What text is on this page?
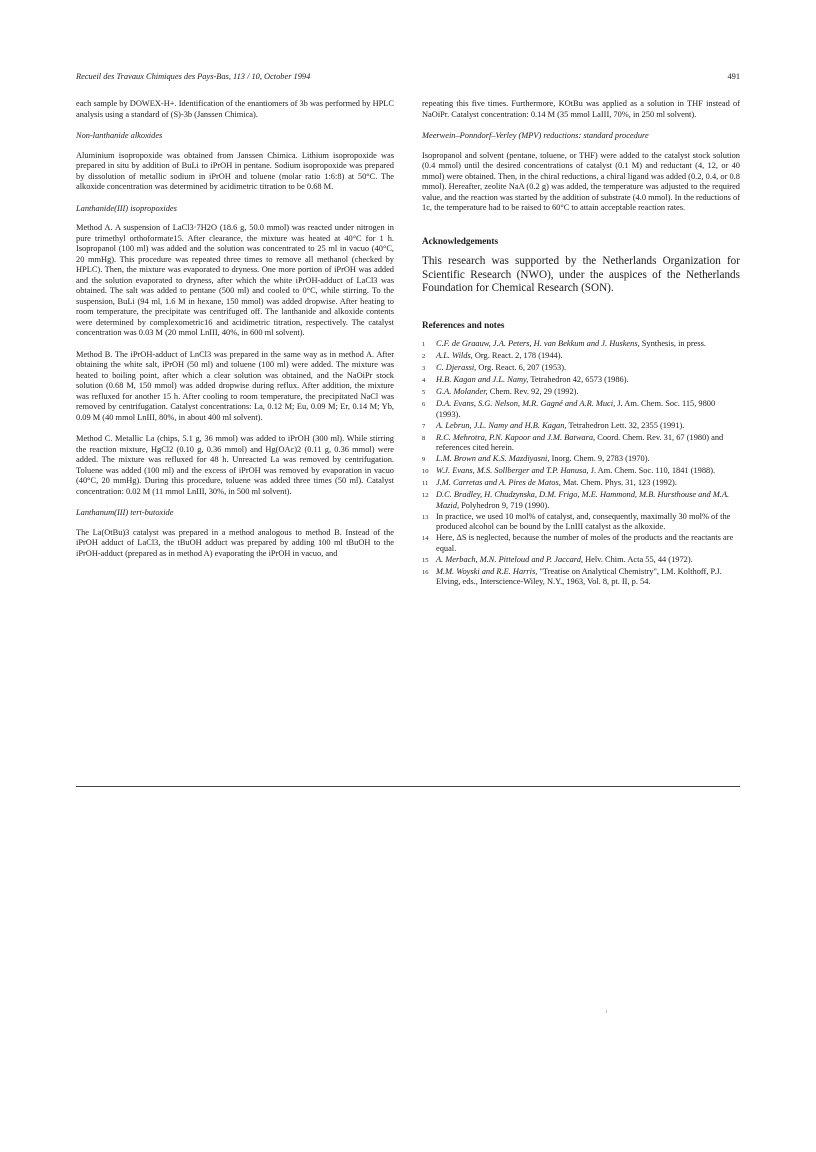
Recueil des Travaux Chimiques des Pays-Bas, 113 / 10, October 1994	491

each sample by DOWEX-H+. Identification of the enantiomers of 3b was performed by HPLC analysis using a standard of (S)-3b (Janssen Chimica).

Non-lanthanide alkoxides

Aluminium isopropoxide was obtained from Janssen Chimica. Lithium isopropoxide was prepared in situ by addition of BuLi to iPrOH in pentane. Sodium isopropoxide was prepared by dissolution of metallic sodium in iPrOH and toluene (molar ratio 1:6:8) at 50°C. The alkoxide concentration was determined by acidimetric titration to be 0.68 M.

Lanthanide(III) isopropoxides

Method A. A suspension of LaCl3·7H2O (18.6 g, 50.0 mmol) was reacted under nitrogen in pure trimethyl orthoformate15. After clearance, the mixture was heated at 40°C for 1 h. Isopropanol (100 ml) was added and the solution was concentrated to 25 ml in vacuo (40°C, 20 mmHg). This procedure was repeated three times to remove all methanol (checked by HPLC). Then, the mixture was evaporated to dryness. One more portion of iPrOH was added and the solution evaporated to dryness, after which the white iPrOH-adduct of LaCl3 was obtained. The salt was added to pentane (500 ml) and cooled to 0°C, while stirring. To the suspension, BuLi (94 ml, 1.6 M in hexane, 150 mmol) was added dropwise. After heating to room temperature, the precipitate was centrifuged off. The lanthanide and alkoxide contents were determined by complexometric16 and acidimetric titration, respectively. The catalyst concentration was 0.03 M (20 mmol LnIII, 40%, in 600 ml solvent).

Method B. The iPrOH-adduct of LnCl3 was prepared in the same way as in method A. After obtaining the white salt, iPrOH (50 ml) and toluene (100 ml) were added. The mixture was heated to boiling point, after which a clear solution was obtained, and the NaOiPr stock solution (0.68 M, 150 mmol) was added dropwise during reflux. After addition, the mixture was refluxed for another 15 h. After cooling to room temperature, the precipitated NaCl was removed by centrifugation. Catalyst concentrations: La, 0.12 M; Eu, 0.09 M; Er, 0.14 M; Yb, 0.09 M (40 mmol LnIII, 80%, in about 400 ml solvent).

Method C. Metallic La (chips, 5.1 g, 36 mmol) was added to iPrOH (300 ml). While stirring the reaction mixture, HgCl2 (0.10 g, 0.36 mmol) and Hg(OAc)2 (0.11 g, 0.36 mmol) were added. The mixture was refluxed for 48 h. Unreacted La was removed by centrifugation. Toluene was added (100 ml) and the excess of iPrOH was removed by evaporation in vacuo (40°C, 20 mmHg). During this procedure, toluene was added three times (50 ml). Catalyst concentration: 0.02 M (11 mmol LnIII, 30%, in 500 ml solvent).

Lanthanum(III) tert-butoxide

The La(OtBu)3 catalyst was prepared in a method analogous to method B. Instead of the iPrOH adduct of LaCl3, the tBuOH adduct was prepared by adding 100 ml tBuOH to the iPrOH-adduct (prepared as in method A) evaporating the iPrOH in vacuo, and

repeating this five times. Furthermore, KOtBu was applied as a solution in THF instead of NaOiPr. Catalyst concentration: 0.14 M (35 mmol LaIII, 70%, in 250 ml solvent).

Meerwein–Ponndorf–Verley (MPV) reductions: standard procedure

Isopropanol and solvent (pentane, toluene, or THF) were added to the catalyst stock solution (0.4 mmol) until the desired concentrations of catalyst (0.1 M) and reductant (4, 12, or 40 mmol) were obtained. Then, in the chiral reductions, a chiral ligand was added (0.2, 0.4, or 0.8 mmol). Hereafter, zeolite NaA (0.2 g) was added, the temperature was adjusted to the required value, and the reaction was started by the addition of substrate (4.0 mmol). In the reductions of 1c, the temperature had to be raised to 60°C to attain acceptable reaction rates.

Acknowledgements

This research was supported by the Netherlands Organization for Scientific Research (NWO), under the auspices of the Netherlands Foundation for Chemical Research (SON).

References and notes
1	C.F. de Graauw, J.A. Peters, H. van Bekkum and J. Huskens, Synthesis, in press.
2	A.L. Wilds, Org. React. 2, 178 (1944).
3	C. Djerassi, Org. React. 6, 207 (1953).
4	H.B. Kagan and J.L. Namy, Tetrahedron 42, 6573 (1986).
5	G.A. Molander, Chem. Rev. 92, 29 (1992).
6	D.A. Evans, S.G. Nelson, M.R. Gagné and A.R. Muci, J. Am. Chem. Soc. 115, 9800 (1993).
7	A. Lebrun, J.L. Namy and H.B. Kagan, Tetrahedron Lett. 32, 2355 (1991).
8	R.C. Mehrotra, P.N. Kapoor and J.M. Batwara, Coord. Chem. Rev. 31, 67 (1980) and references cited herein.
9	L.M. Brown and K.S. Mazdiyasni, Inorg. Chem. 9, 2783 (1970).
10 W.J. Evans, M.S. Sollberger and T.P. Hanusa, J. Am. Chem. Soc. 110, 1841 (1988).
11 J.M. Carretas and A. Pires de Matos, Mat. Chem. Phys. 31, 123 (1992).
12 D.C. Bradley, H. Chudzynska, D.M. Frigo, M.E. Hammond, M.B. Hursthouse and M.A. Mazid, Polyhedron 9, 719 (1990).
13 In practice, we used 10 mol% of catalyst, and, consequently, maximally 30 mol% of the produced alcohol can be bound by the LnIII catalyst as the alkoxide.
14 Here, ΔS is neglected, because the number of moles of the products and the reactants are equal.
15 A. Merbach, M.N. Pitteloud and P. Jaccard, Helv. Chim. Acta 55, 44 (1972).
16 M.M. Woyski and R.E. Harris, "Treatise on Analytical Chemistry", I.M. Kolthoff, P.J. Elving, eds., Interscience-Wiley, N.Y., 1963, Vol. 8, pt. II, p. 54.
